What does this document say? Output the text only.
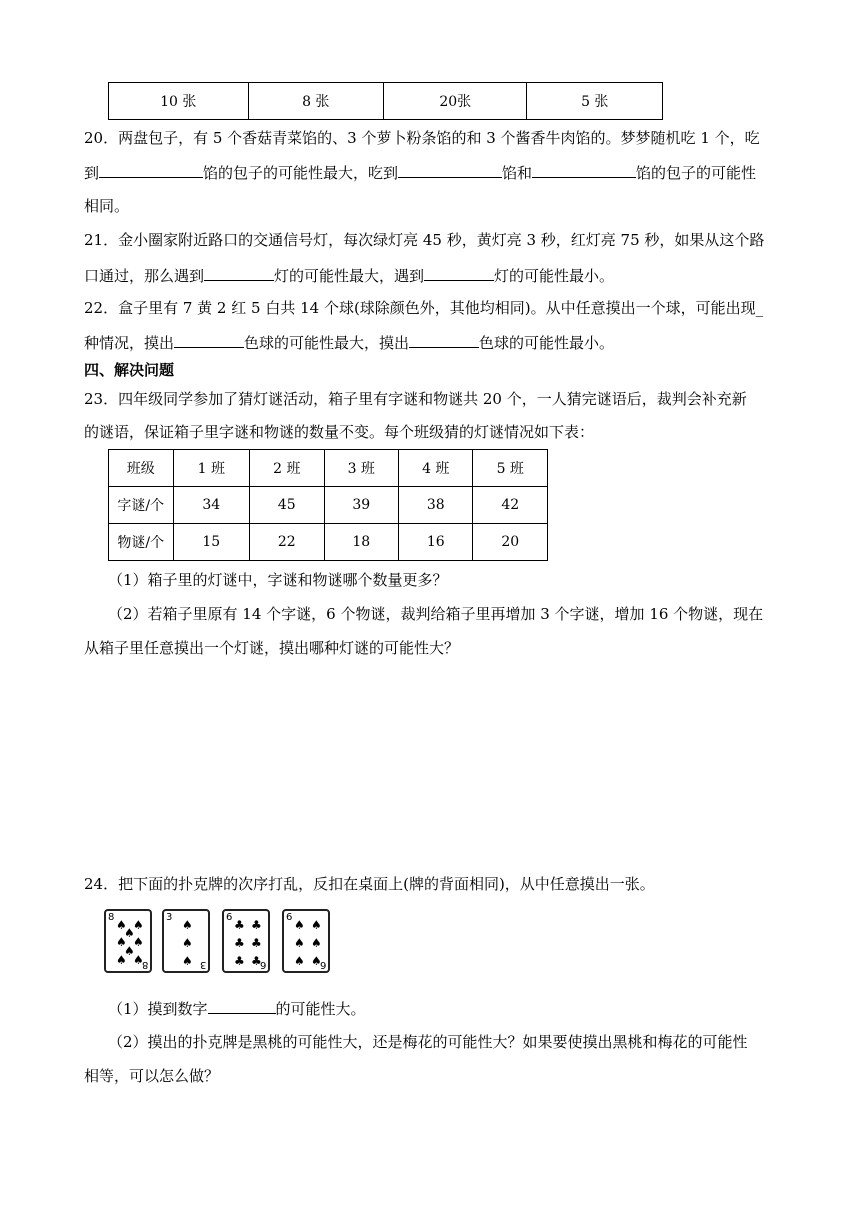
10 张	8 张	20张	5 张
20．两盘包子，有 5 个香菇青菜馅的、3 个萝卜粉条馅的和 3 个酱香牛肉馅的。梦梦随机吃 1 个，吃
到	馅的包子的可能性最大，吃到	馅和	馅的包子的可能性
相同。
21．金小圈家附近路口的交通信号灯，每次绿灯亮 45 秒，黄灯亮 3 秒，红灯亮 75 秒，如果从这个路
口通过，那么遇到	灯的可能性最大，遇到	灯的可能性最小。
22．盒子里有 7 黄 2 红 5 白共 14 个球(球除颜色外，其他均相同)。从中任意摸出一个球，可能出现_
种情况，摸出	色球的可能性最大，摸出	色球的可能性最小。
四、解决问题
23．四年级同学参加了猜灯谜活动，箱子里有字谜和物谜共 20 个，一人猜完谜语后，裁判会补充新
的谜语，保证箱子里字谜和物谜的数量不变。每个班级猜的灯谜情况如下表：
班级	1 班	2 班	3 班	4 班	5 班
字谜/个	34	45	39	38	42
物谜/个	15	22	18	16	20
（1）箱子里的灯谜中，字谜和物谜哪个数量更多？
（2）若箱子里原有 14 个字谜，6 个物谜，裁判给箱子里再增加 3 个字谜，增加 16 个物谜，现在
从箱子里任意摸出一个灯谜，摸出哪种灯谜的可能性大？
24．把下面的扑克牌的次序打乱，反扣在桌面上(牌的背面相同)，从中任意摸出一张。
8
8
♠ ♠
♠
♠ ♠
♠
♠ ♠
3
3
♠
♠
♠
6
6
♣ ♣
♣ ♣
♣ ♣
6
6
♠ ♠
♠ ♠
♠ ♠
（1）摸到数字	的可能性大。
（2）摸出的扑克牌是黑桃的可能性大，还是梅花的可能性大？如果要使摸出黑桃和梅花的可能性
相等，可以怎么做？
